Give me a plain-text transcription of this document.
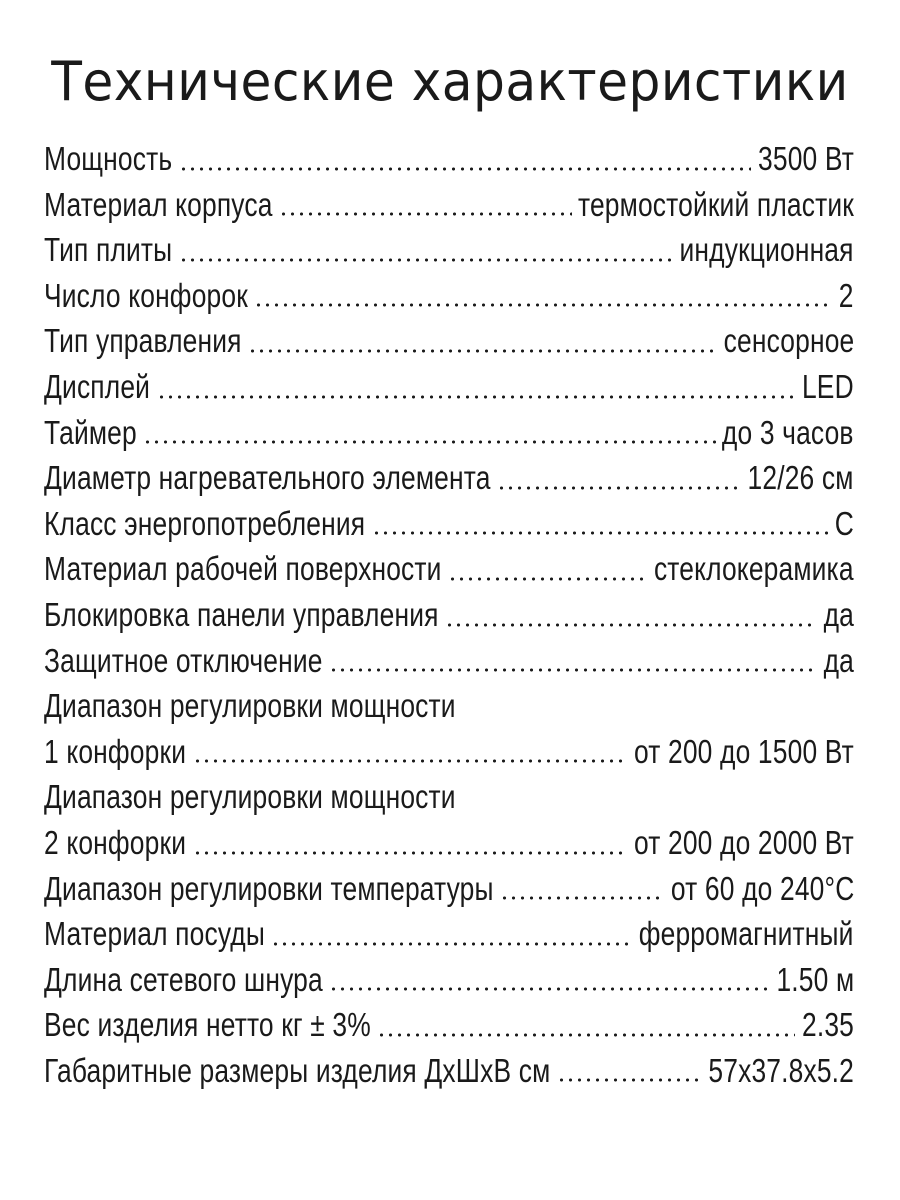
Технические характеристики
Мощность	3500 Вт
Материал корпуса	термостойкий пластик
Тип плиты	индукционная
Число конфорок	2
Тип управления	сенсорное
Дисплей	LED
Таймер	до 3 часов
Диаметр нагревательного элемента	12/26 см
Класс энергопотребления	C
Материал рабочей поверхности	стеклокерамика
Блокировка панели управления	да
Защитное отключение	да
Диапазон регулировки мощности
1 конфорки	от 200 до 1500 Вт
Диапазон регулировки мощности
2 конфорки	от 200 до 2000 Вт
Диапазон регулировки температуры	от 60 до 240°С
Материал посуды	ферромагнитный
Длина сетевого шнура	1.50 м
Вес изделия нетто кг ± 3%	2.35
Габаритные размеры изделия ДхШхВ см	57x37.8x5.2
